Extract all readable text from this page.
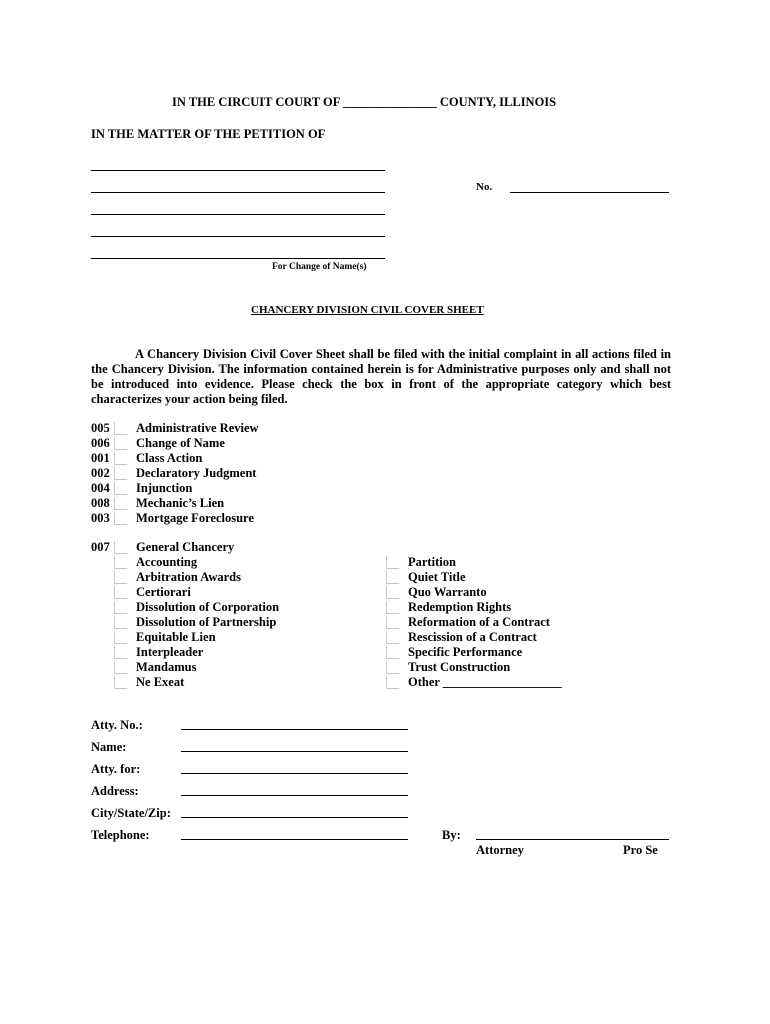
IN THE CIRCUIT COURT OF _______________ COUNTY, ILLINOIS
IN THE MATTER OF THE PETITION OF
For Change of Name(s)
No.
CHANCERY DIVISION CIVIL COVER SHEET
A Chancery Division Civil Cover Sheet shall be filed with the initial complaint in all actions filed in the Chancery Division. The information contained herein is for Administrative purposes only and shall not be introduced into evidence. Please check the box in front of the appropriate category which best characterizes your action being filed.
005 Administrative Review
006 Change of Name
001 Class Action
002 Declaratory Judgment
004 Injunction
008 Mechanic’s Lien
003 Mortgage Foreclosure
007 General Chancery
Accounting
Arbitration Awards
Certiorari
Dissolution of Corporation
Dissolution of Partnership
Equitable Lien
Interpleader
Mandamus
Ne Exeat
Partition
Quiet Title
Quo Warranto
Redemption Rights
Reformation of a Contract
Rescission of a Contract
Specific Performance
Trust Construction
Other ___________________
Atty. No.:
Name:
Atty. for:
Address:
City/State/Zip:
Telephone:	By:
Attorney	Pro Se
